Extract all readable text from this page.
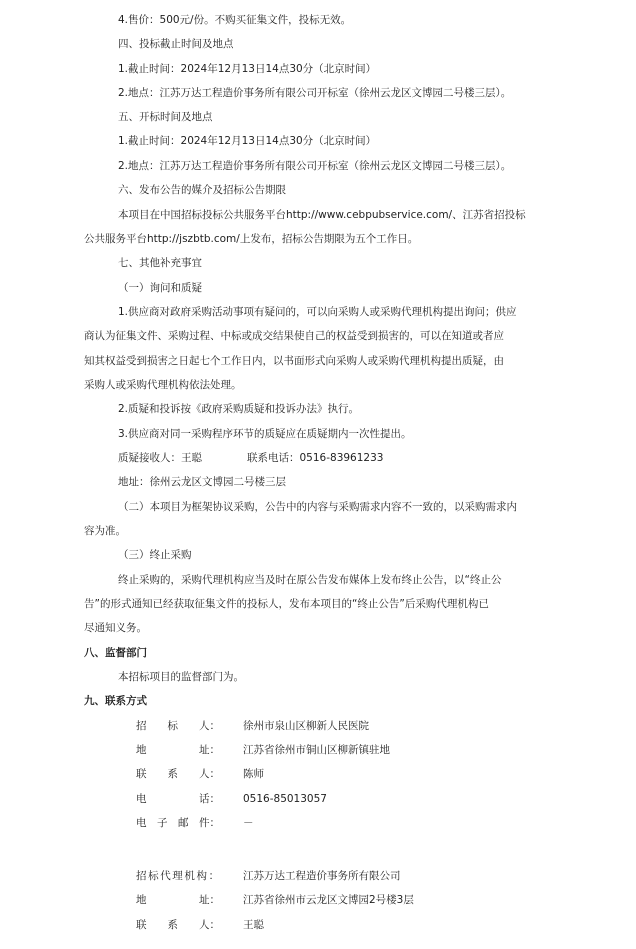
4.售价：500元/份。不购买征集文件，投标无效。
四、投标截止时间及地点
1.截止时间：2024年12月13日14点30分（北京时间）
2.地点：江苏万达工程造价事务所有限公司开标室（徐州云龙区文博园二号楼三层）。
五、开标时间及地点
1.截止时间：2024年12月13日14点30分（北京时间）
2.地点：江苏万达工程造价事务所有限公司开标室（徐州云龙区文博园二号楼三层）。
六、发布公告的媒介及招标公告期限
本项目在中国招标投标公共服务平台http://www.cebpubservice.com/、江苏省招投标
公共服务平台http://jszbtb.com/上发布，招标公告期限为五个工作日。
七、其他补充事宜
（一）询问和质疑
1.供应商对政府采购活动事项有疑问的，可以向采购人或采购代理机构提出询问；供应
商认为征集文件、采购过程、中标或成交结果使自己的权益受到损害的，可以在知道或者应
知其权益受到损害之日起七个工作日内，以书面形式向采购人或采购代理机构提出质疑，由
采购人或采购代理机构依法处理。
2.质疑和投诉按《政府采购质疑和投诉办法》执行。
3.供应商对同一采购程序环节的质疑应在质疑期内一次性提出。
质疑接收人：王聪	联系电话：0516-83961233
地址：徐州云龙区文博园二号楼三层
（二）本项目为框架协议采购，公告中的内容与采购需求内容不一致的，以采购需求内
容为准。
（三）终止采购
终止采购的，采购代理机构应当及时在原公告发布媒体上发布终止公告，以“终止公
告”的形式通知已经获取征集文件的投标人，发布本项目的“终止公告”后采购代理机构已
尽通知义务。
八、监督部门
本招标项目的监督部门为。
九、联系方式
招　　标　　人： 徐州市泉山区柳新人民医院
地　　　　　址： 江苏省徐州市铜山区柳新镇驻地
联　　系　　人： 陈师
电　　　　　话： 0516-85013057
电　子　邮　件： －
招标代理机构： 江苏万达工程造价事务所有限公司
地　　　　　址： 江苏省徐州市云龙区文博园2号楼3层
联　　系　　人： 王聪
